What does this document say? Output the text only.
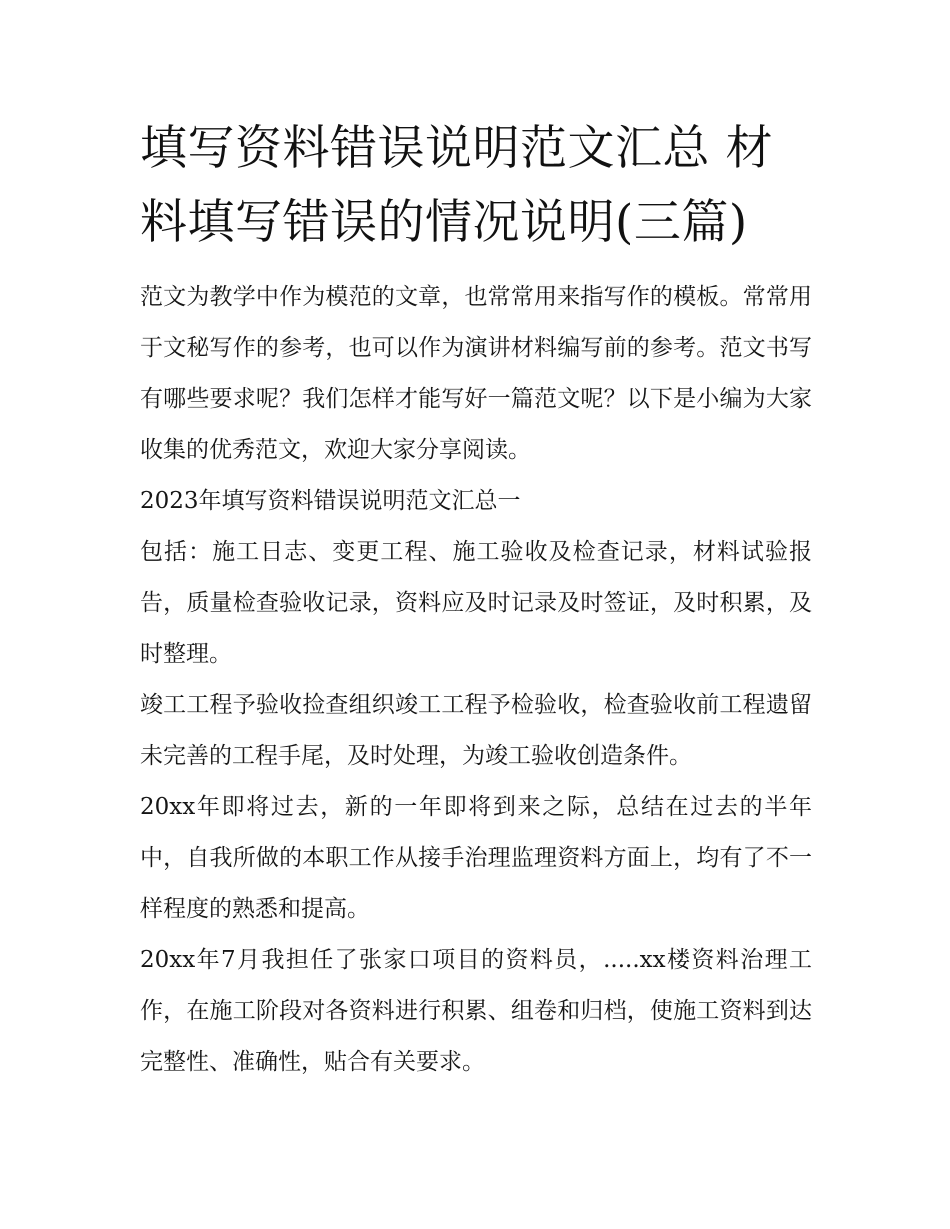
填写资料错误说明范文汇总 材料填写错误的情况说明(三篇)

范文为教学中作为模范的文章，也常常用来指写作的模板。常常用于文秘写作的参考，也可以作为演讲材料编写前的参考。范文书写有哪些要求呢？我们怎样才能写好一篇范文呢？以下是小编为大家收集的优秀范文，欢迎大家分享阅读。

2023年填写资料错误说明范文汇总一

包括：施工日志、变更工程、施工验收及检查记录，材料试验报告，质量检查验收记录，资料应及时记录及时签证，及时积累，及时整理。

竣工工程予验收捡查组织竣工工程予检验收，检查验收前工程遗留未完善的工程手尾，及时处理，为竣工验收创造条件。

20xx年即将过去，新的一年即将到来之际，总结在过去的半年中，自我所做的本职工作从接手治理监理资料方面上，均有了不一样程度的熟悉和提高。

20xx年7月我担任了张家口项目的资料员，.....xx楼资料治理工作，在施工阶段对各资料进行积累、组卷和归档，使施工资料到达完整性、准确性，贴合有关要求。
